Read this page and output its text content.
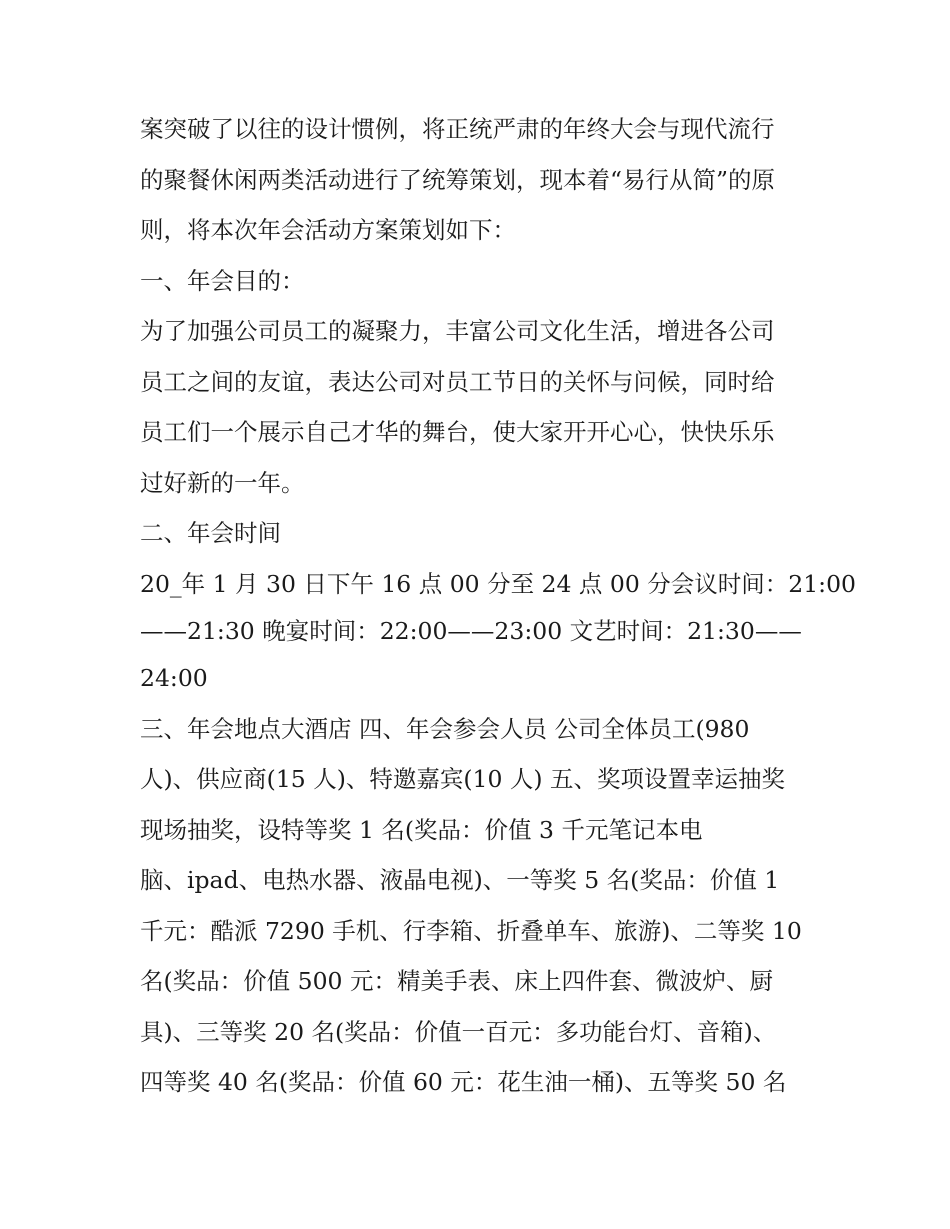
案突破了以往的设计惯例，将正统严肃的年终大会与现代流行
的聚餐休闲两类活动进行了统筹策划，现本着“易行从简”的原
则，将本次年会活动方案策划如下：
一、年会目的：
为了加强公司员工的凝聚力，丰富公司文化生活，增进各公司
员工之间的友谊，表达公司对员工节日的关怀与问候，同时给
员工们一个展示自己才华的舞台，使大家开开心心，快快乐乐
过好新的一年。
二、年会时间
20_年 1 月 30 日下午 16 点 00 分至 24 点 00 分会议时间：21:00
——21:30 晚宴时间：22:00——23:00 文艺时间：21:30——
24:00
三、年会地点大酒店 四、年会参会人员 公司全体员工(980
人)、供应商(15 人)、特邀嘉宾(10 人) 五、奖项设置幸运抽奖
现场抽奖，设特等奖 1 名(奖品：价值 3 千元笔记本电
脑、ipad、电热水器、液晶电视)、一等奖 5 名(奖品：价值 1
千元：酷派 7290 手机、行李箱、折叠单车、旅游)、二等奖 10
名(奖品：价值 500 元：精美手表、床上四件套、微波炉、厨
具)、三等奖 20 名(奖品：价值一百元：多功能台灯、音箱)、
四等奖 40 名(奖品：价值 60 元：花生油一桶)、五等奖 50 名
